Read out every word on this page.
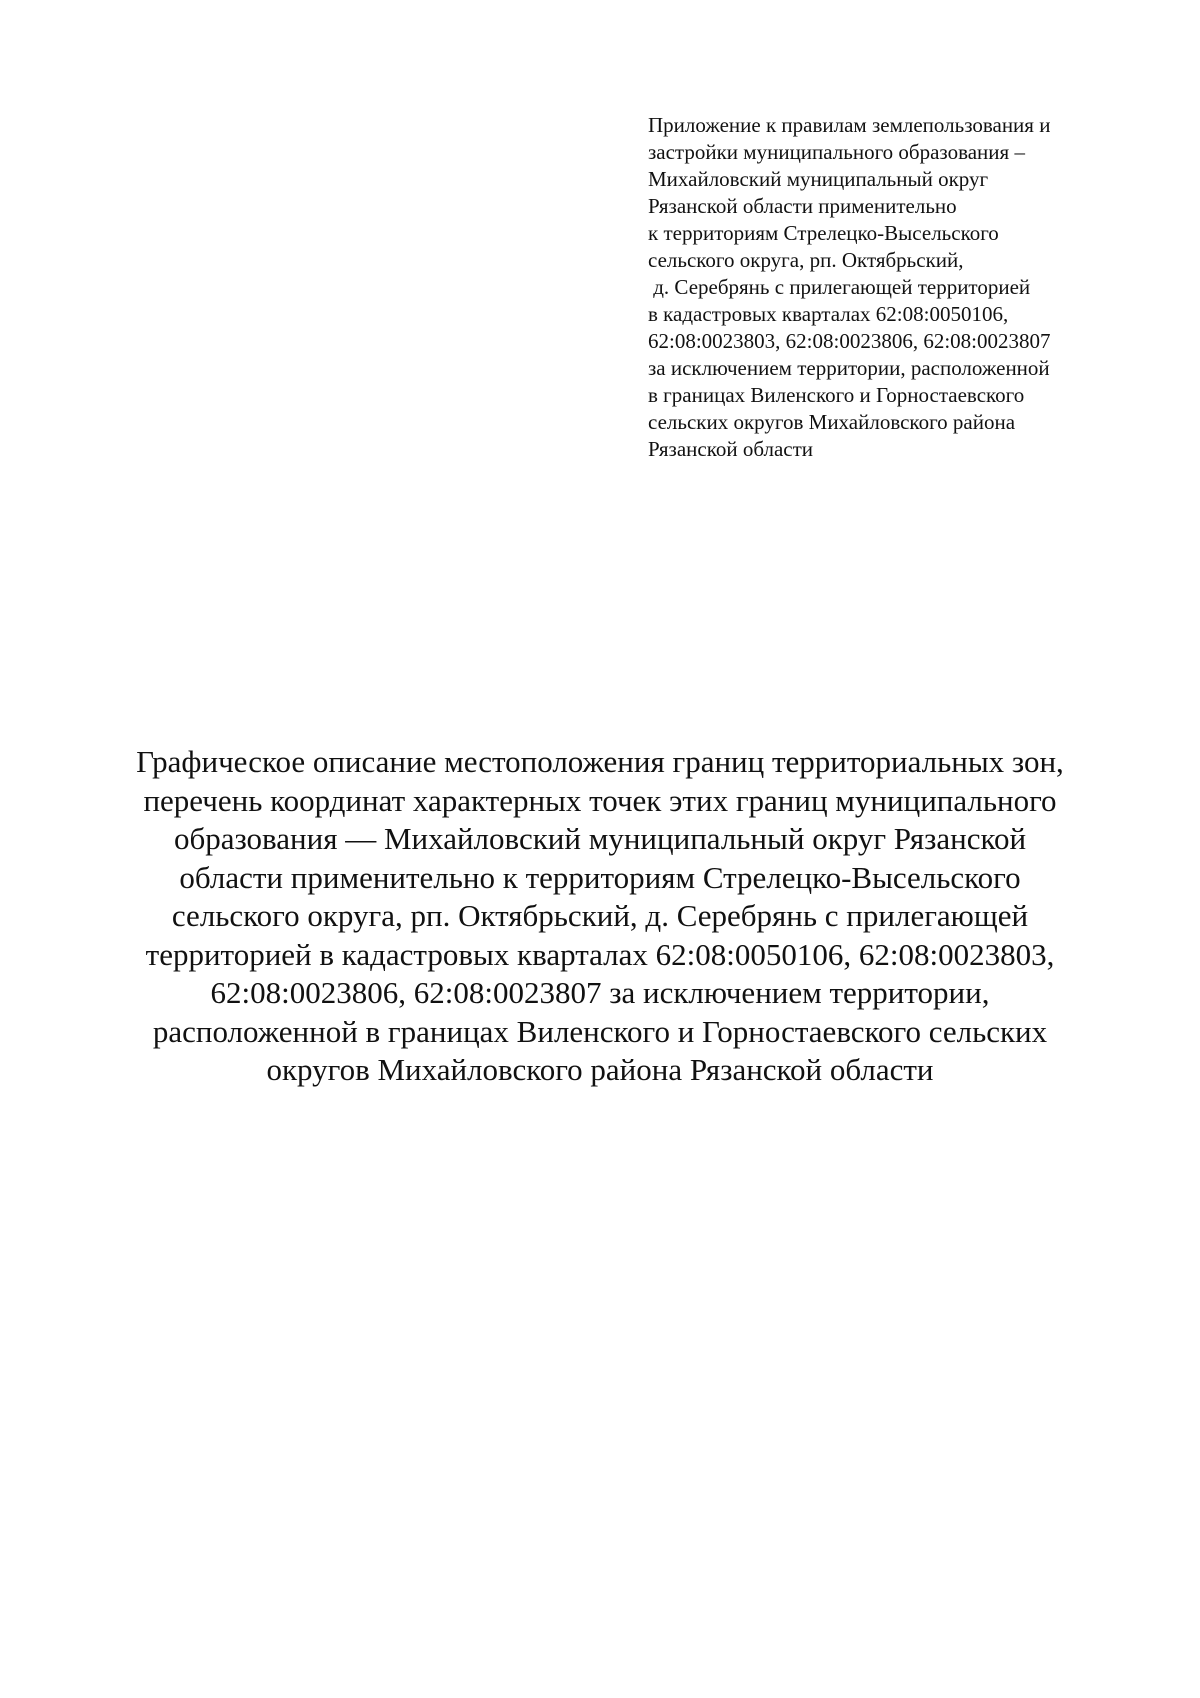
Приложение к правилам землепользования и
застройки муниципального образования –
Михайловский муниципальный округ
Рязанской области применительно
к территориям Стрелецко-Высельского
сельского округа, рп. Октябрьский,
д. Серебрянь с прилегающей территорией
в кадастровых кварталах 62:08:0050106,
62:08:0023803, 62:08:0023806, 62:08:0023807
за исключением территории, расположенной
в границах Виленского и Горностаевского
сельских округов Михайловского района
Рязанской области
Графическое описание местоположения границ территориальных зон,
перечень координат характерных точек этих границ муниципального
образования — Михайловский муниципальный округ Рязанской
области применительно к территориям Стрелецко-Высельского
сельского округа, рп. Октябрьский, д. Серебрянь с прилегающей
территорией в кадастровых кварталах 62:08:0050106, 62:08:0023803,
62:08:0023806, 62:08:0023807 за исключением территории,
расположенной в границах Виленского и Горностаевского сельских
округов Михайловского района Рязанской области
